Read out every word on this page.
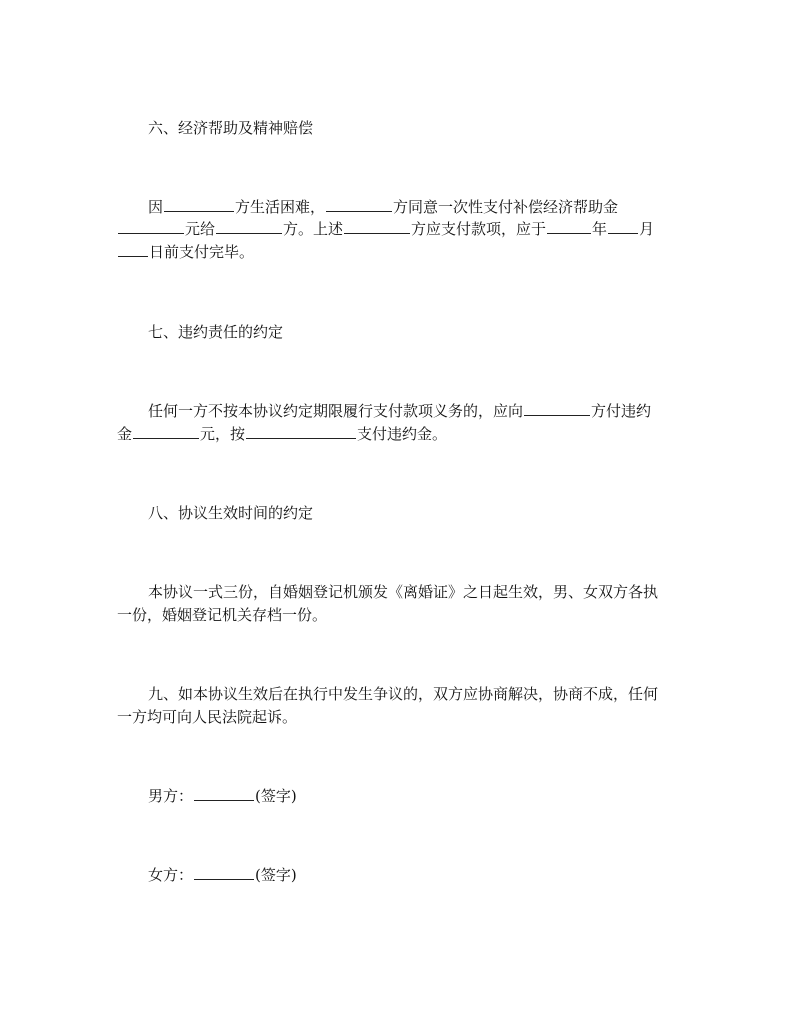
六、经济帮助及精神赔偿
因	方生活困难，	方同意一次性支付补偿经济帮助金
元给	方。上述	方应支付款项，应于	年 月
日前支付完毕。
七、违约责任的约定
任何一方不按本协议约定期限履行支付款项义务的，应向	方付违约
金	元，按	支付违约金。
八、协议生效时间的约定
本协议一式三份，自婚姻登记机颁发《离婚证》之日起生效，男、女双方各执
一份，婚姻登记机关存档一份。
九、如本协议生效后在执行中发生争议的，双方应协商解决，协商不成，任何
一方均可向人民法院起诉。
男方：	(签字)
女方：	(签字)
